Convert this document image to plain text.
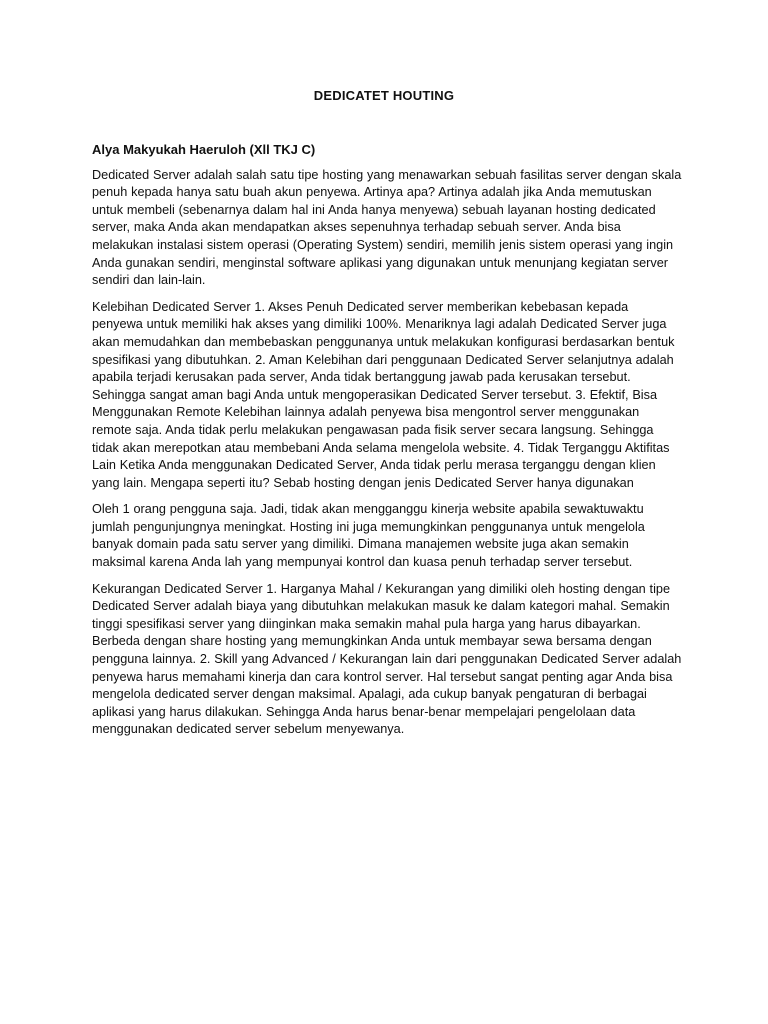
DEDICATET HOUTING

Alya Makyukah Haeruloh (Xll TKJ C)

Dedicated Server adalah salah satu tipe hosting yang menawarkan sebuah fasilitas server dengan skala penuh kepada hanya satu buah akun penyewa. Artinya apa? Artinya adalah jika Anda memutuskan untuk membeli (sebenarnya dalam hal ini Anda hanya menyewa) sebuah layanan hosting dedicated server, maka Anda akan mendapatkan akses sepenuhnya terhadap sebuah server. Anda bisa melakukan instalasi sistem operasi (Operating System) sendiri, memilih jenis sistem operasi yang ingin Anda gunakan sendiri, menginstal software aplikasi yang digunakan untuk menunjang kegiatan server sendiri dan lain-lain.

Kelebihan Dedicated Server 1. Akses Penuh Dedicated server memberikan kebebasan kepada penyewa untuk memiliki hak akses yang dimiliki 100%. Menariknya lagi adalah Dedicated Server juga akan memudahkan dan membebaskan penggunanya untuk melakukan konfigurasi berdasarkan bentuk spesifikasi yang dibutuhkan. 2. Aman Kelebihan dari penggunaan Dedicated Server selanjutnya adalah apabila terjadi kerusakan pada server, Anda tidak bertanggung jawab pada kerusakan tersebut. Sehingga sangat aman bagi Anda untuk mengoperasikan Dedicated Server tersebut. 3. Efektif, Bisa Menggunakan Remote Kelebihan lainnya adalah penyewa bisa mengontrol server menggunakan remote saja. Anda tidak perlu melakukan pengawasan pada fisik server secara langsung. Sehingga tidak akan merepotkan atau membebani Anda selama mengelola website. 4. Tidak Terganggu Aktifitas Lain Ketika Anda menggunakan Dedicated Server, Anda tidak perlu merasa terganggu dengan klien yang lain. Mengapa seperti itu? Sebab hosting dengan jenis Dedicated Server hanya digunakan

Oleh 1 orang pengguna saja. Jadi, tidak akan mengganggu kinerja website apabila sewaktuwaktu jumlah pengunjungnya meningkat. Hosting ini juga memungkinkan penggunanya untuk mengelola banyak domain pada satu server yang dimiliki. Dimana manajemen website juga akan semakin maksimal karena Anda lah yang mempunyai kontrol dan kuasa penuh terhadap server tersebut.

Kekurangan Dedicated Server 1. Harganya Mahal / Kekurangan yang dimiliki oleh hosting dengan tipe Dedicated Server adalah biaya yang dibutuhkan melakukan masuk ke dalam kategori mahal. Semakin tinggi spesifikasi server yang diinginkan maka semakin mahal pula harga yang harus dibayarkan. Berbeda dengan share hosting yang memungkinkan Anda untuk membayar sewa bersama dengan pengguna lainnya. 2. Skill yang Advanced / Kekurangan lain dari penggunakan Dedicated Server adalah penyewa harus memahami kinerja dan cara kontrol server. Hal tersebut sangat penting agar Anda bisa mengelola dedicated server dengan maksimal. Apalagi, ada cukup banyak pengaturan di berbagai aplikasi yang harus dilakukan. Sehingga Anda harus benar-benar mempelajari pengelolaan data menggunakan dedicated server sebelum menyewanya.
